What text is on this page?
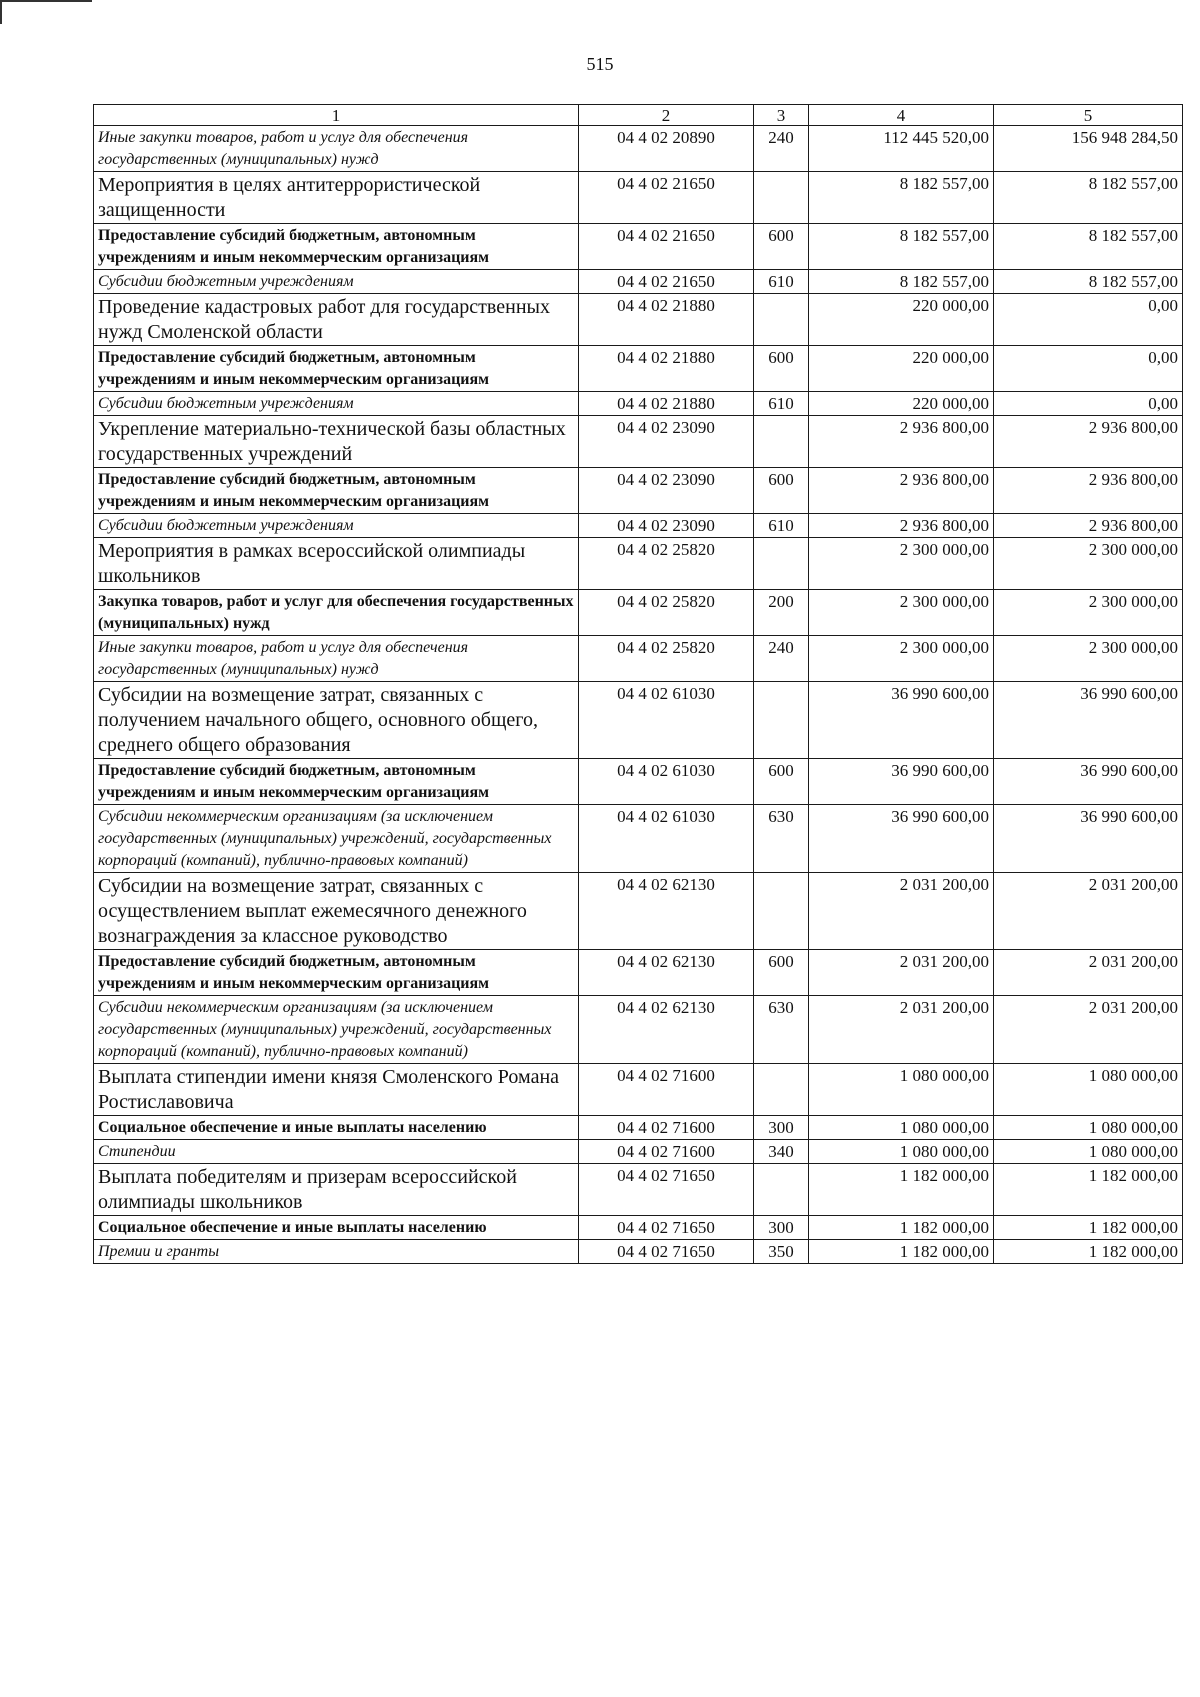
515
1	2	3	4	5
Иные закупки товаров, работ и услуг для обеспечения государственных (муниципальных) нужд	04 4 02 20890	240	112 445 520,00	156 948 284,50
Мероприятия в целях антитеррористической защищенности	04 4 02 21650		8 182 557,00	8 182 557,00
Предоставление субсидий бюджетным, автономным учреждениям и иным некоммерческим организациям	04 4 02 21650	600	8 182 557,00	8 182 557,00
Субсидии бюджетным учреждениям	04 4 02 21650	610	8 182 557,00	8 182 557,00
Проведение кадастровых работ для государственных нужд Смоленской области	04 4 02 21880		220 000,00	0,00
Предоставление субсидий бюджетным, автономным учреждениям и иным некоммерческим организациям	04 4 02 21880	600	220 000,00	0,00
Субсидии бюджетным учреждениям	04 4 02 21880	610	220 000,00	0,00
Укрепление материально-технической базы областных государственных учреждений	04 4 02 23090		2 936 800,00	2 936 800,00
Предоставление субсидий бюджетным, автономным учреждениям и иным некоммерческим организациям	04 4 02 23090	600	2 936 800,00	2 936 800,00
Субсидии бюджетным учреждениям	04 4 02 23090	610	2 936 800,00	2 936 800,00
Мероприятия в рамках всероссийской олимпиады школьников	04 4 02 25820		2 300 000,00	2 300 000,00
Закупка товаров, работ и услуг для обеспечения государственных (муниципальных) нужд	04 4 02 25820	200	2 300 000,00	2 300 000,00
Иные закупки товаров, работ и услуг для обеспечения государственных (муниципальных) нужд	04 4 02 25820	240	2 300 000,00	2 300 000,00
Субсидии на возмещение затрат, связанных с получением начального общего, основного общего, среднего общего образования	04 4 02 61030		36 990 600,00	36 990 600,00
Предоставление субсидий бюджетным, автономным учреждениям и иным некоммерческим организациям	04 4 02 61030	600	36 990 600,00	36 990 600,00
Субсидии некоммерческим организациям (за исключением государственных (муниципальных) учреждений, государственных корпораций (компаний), публично-правовых компаний)	04 4 02 61030	630	36 990 600,00	36 990 600,00
Субсидии на возмещение затрат, связанных с осуществлением выплат ежемесячного денежного вознаграждения за классное руководство	04 4 02 62130		2 031 200,00	2 031 200,00
Предоставление субсидий бюджетным, автономным учреждениям и иным некоммерческим организациям	04 4 02 62130	600	2 031 200,00	2 031 200,00
Субсидии некоммерческим организациям (за исключением государственных (муниципальных) учреждений, государственных корпораций (компаний), публично-правовых компаний)	04 4 02 62130	630	2 031 200,00	2 031 200,00
Выплата стипендии имени князя Смоленского Романа Ростиславовича	04 4 02 71600		1 080 000,00	1 080 000,00
Социальное обеспечение и иные выплаты населению	04 4 02 71600	300	1 080 000,00	1 080 000,00
Стипендии	04 4 02 71600	340	1 080 000,00	1 080 000,00
Выплата победителям и призерам всероссийской олимпиады школьников	04 4 02 71650		1 182 000,00	1 182 000,00
Социальное обеспечение и иные выплаты населению	04 4 02 71650	300	1 182 000,00	1 182 000,00
Премии и гранты	04 4 02 71650	350	1 182 000,00	1 182 000,00
